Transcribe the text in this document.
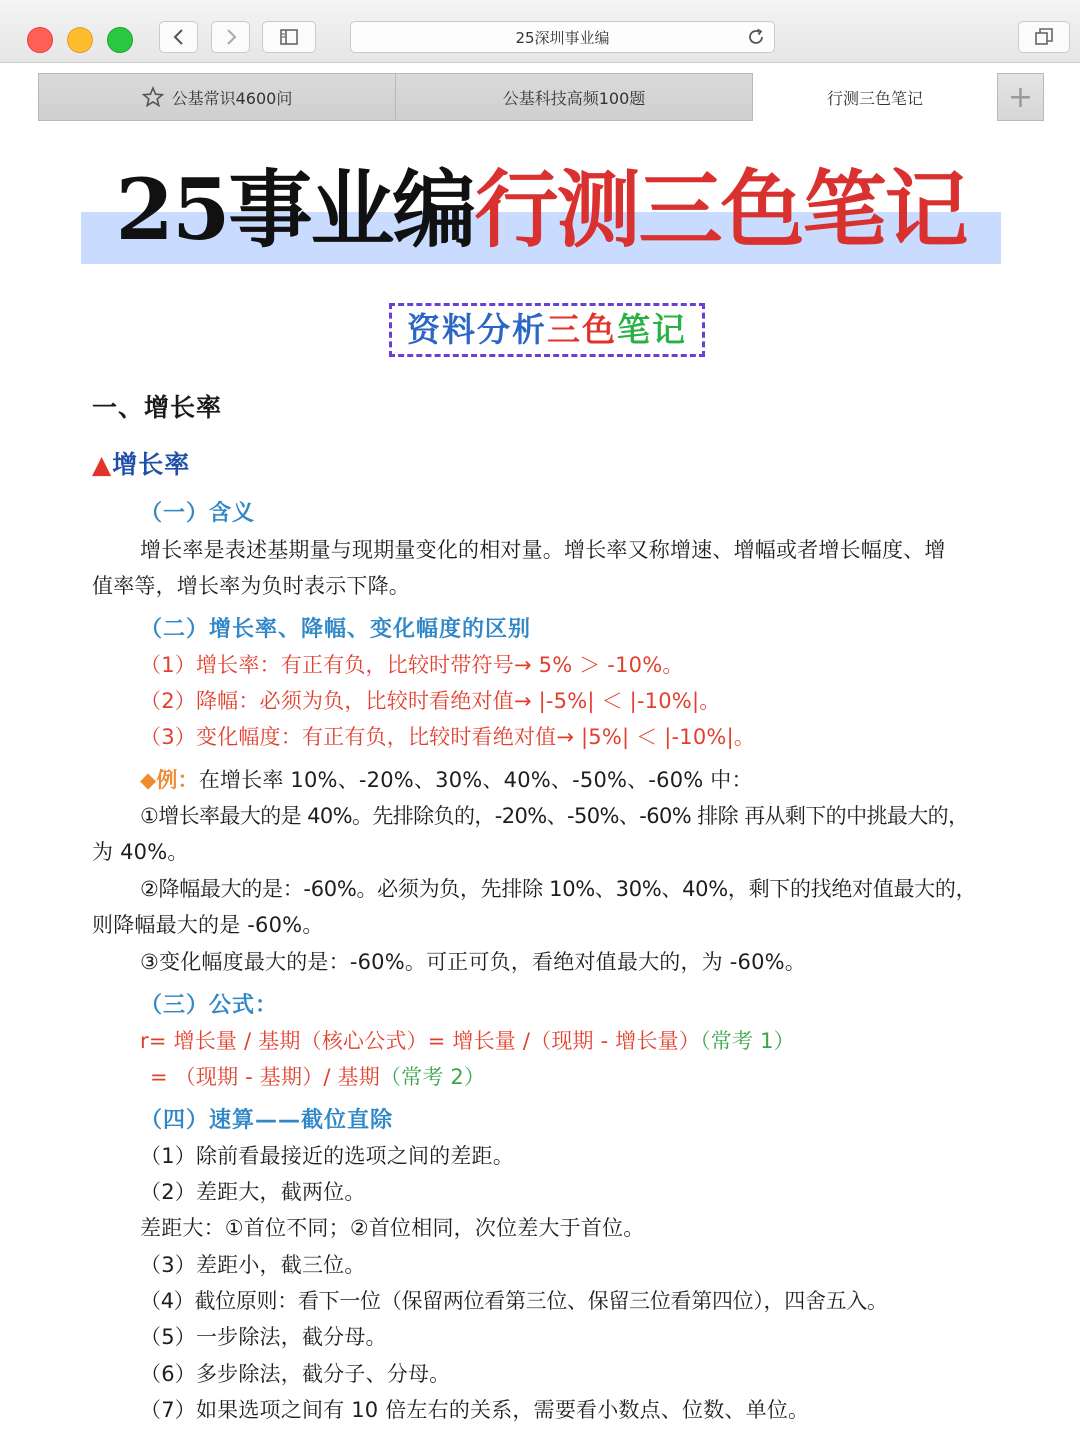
25深圳事业编
公基常识4600问	公基科技高频100题	行测三色笔记	+
25事业编行测三色笔记
资料分析三色笔记
一、增长率
▲增长率
（一）含义
增长率是表述基期量与现期量变化的相对量。增长率又称增速、增幅或者增长幅度、增
值率等，增长率为负时表示下降。
（二）增长率、降幅、变化幅度的区别
（1）增长率：有正有负，比较时带符号→ 5% ＞ -10%。
（2）降幅：必须为负，比较时看绝对值→ |-5%| ＜ |-10%|。
（3）变化幅度：有正有负，比较时看绝对值→ |5%| ＜ |-10%|。
◆例：在增长率 10%、-20%、30%、40%、-50%、-60% 中：
①增长率最大的是 40%。先排除负的，-20%、-50%、-60% 排除 再从剩下的中挑最大的，
为 40%。
②降幅最大的是：-60%。必须为负，先排除 10%、30%、40%，剩下的找绝对值最大的，
则降幅最大的是 -60%。
③变化幅度最大的是：-60%。可正可负，看绝对值最大的，为 -60%。
（三）公式：
r= 增长量 / 基期（核心公式）= 增长量 /（现期 - 增长量）（常考 1）
= （现期 - 基期）/ 基期（常考 2）
（四）速算——截位直除
（1）除前看最接近的选项之间的差距。
（2）差距大，截两位。
差距大：①首位不同；②首位相同，次位差大于首位。
（3）差距小，截三位。
（4）截位原则：看下一位（保留两位看第三位、保留三位看第四位），四舍五入。
（5）一步除法，截分母。
（6）多步除法，截分子、分母。
（7）如果选项之间有 10 倍左右的关系，需要看小数点、位数、单位。
